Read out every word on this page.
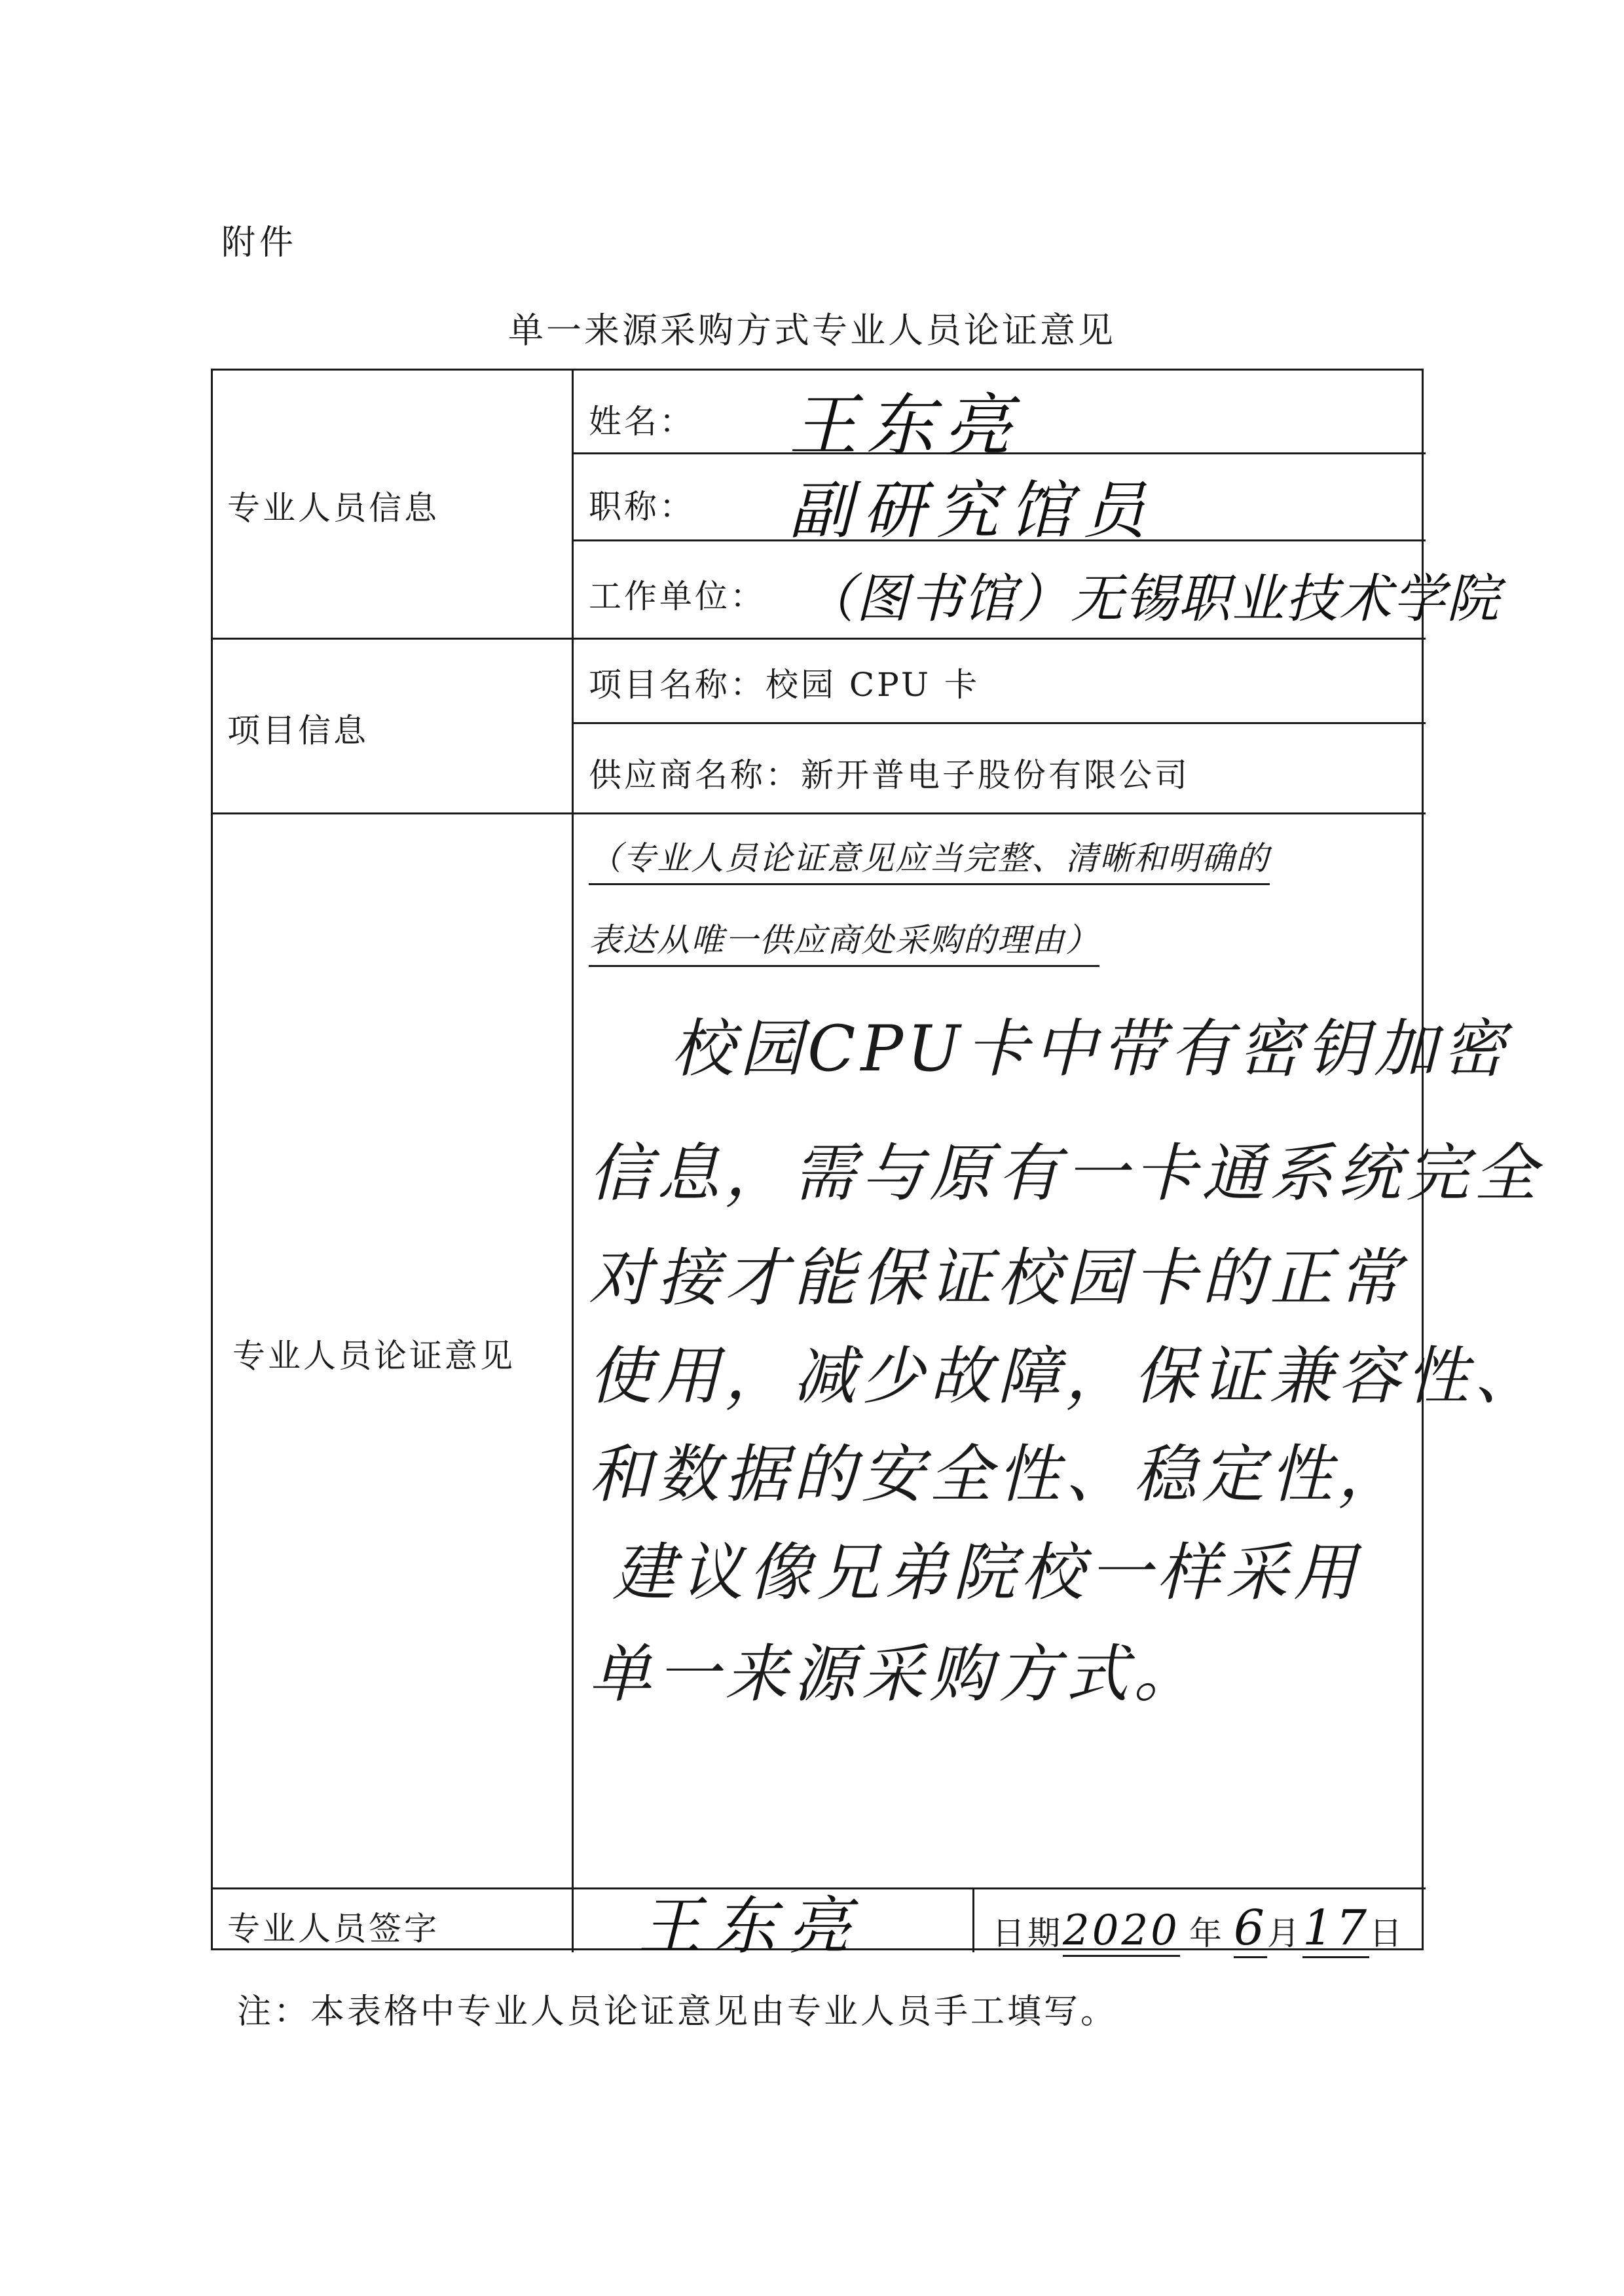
附件
单一来源采购方式专业人员论证意见
专业人员信息
项目信息
专业人员论证意见
专业人员签字
姓名： 王东亮
职称： 副研究馆员
工作单位： （图书馆）无锡职业技术学院
项目名称：校园 CPU 卡
供应商名称：新开普电子股份有限公司
（专业人员论证意见应当完整、清晰和明确的
表达从唯一供应商处采购的理由）
校园CPU卡中带有密钥加密
信息，需与原有一卡通系统完全
对接才能保证校园卡的正常
使用，减少故障，保证兼容性、
和数据的安全性、稳定性，
建议像兄弟院校一样采用
单一来源采购方式。
王东亮	日期2020 年 6月17日
注：本表格中专业人员论证意见由专业人员手工填写。
